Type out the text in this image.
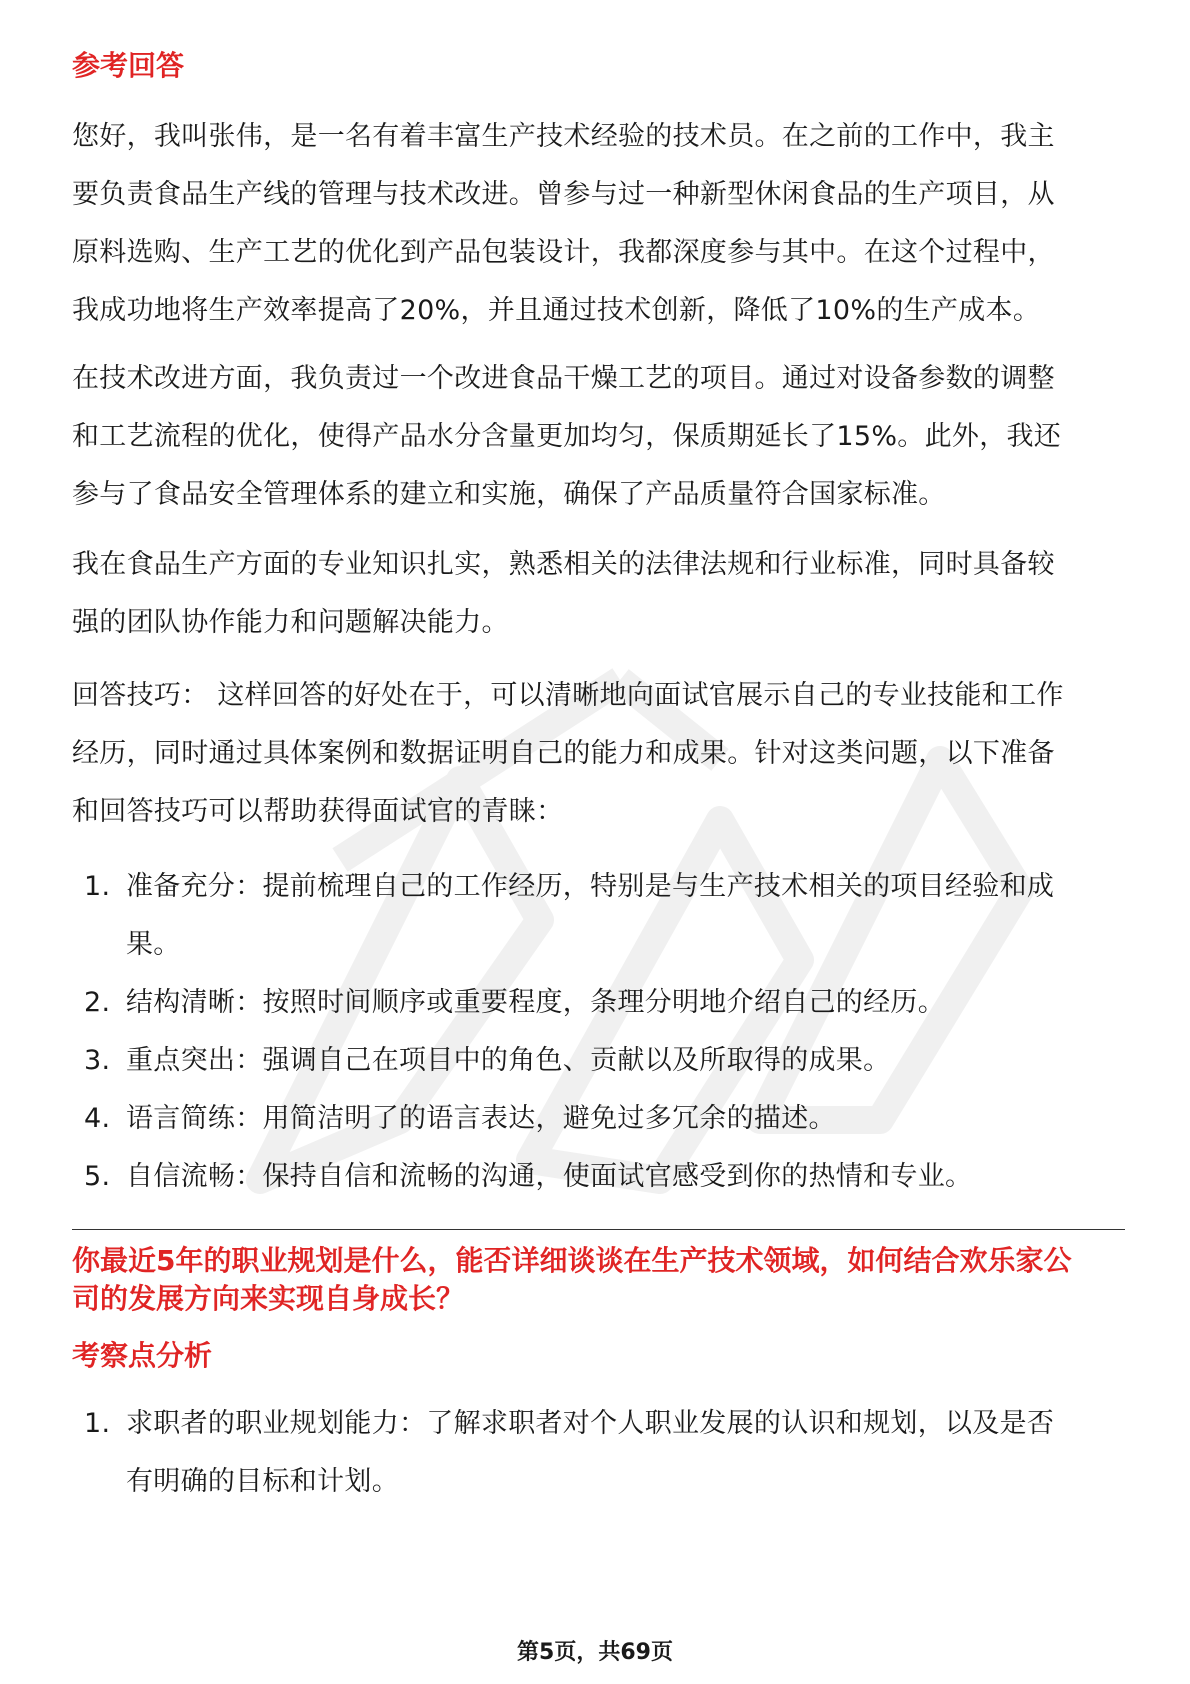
参考回答
您好，我叫张伟，是一名有着丰富生产技术经验的技术员。在之前的工作中，我主
要负责食品生产线的管理与技术改进。曾参与过一种新型休闲食品的生产项目，从
原料选购、生产工艺的优化到产品包装设计，我都深度参与其中。在这个过程中，
我成功地将生产效率提高了20%，并且通过技术创新，降低了10%的生产成本。
在技术改进方面，我负责过一个改进食品干燥工艺的项目。通过对设备参数的调整
和工艺流程的优化，使得产品水分含量更加均匀，保质期延长了15%。此外，我还
参与了食品安全管理体系的建立和实施，确保了产品质量符合国家标准。
我在食品生产方面的专业知识扎实，熟悉相关的法律法规和行业标准，同时具备较
强的团队协作能力和问题解决能力。
回答技巧： 这样回答的好处在于，可以清晰地向面试官展示自己的专业技能和工作
经历，同时通过具体案例和数据证明自己的能力和成果。针对这类问题，以下准备
和回答技巧可以帮助获得面试官的青睐：
1. 准备充分：提前梳理自己的工作经历，特别是与生产技术相关的项目经验和成
果。
2. 结构清晰：按照时间顺序或重要程度，条理分明地介绍自己的经历。
3. 重点突出：强调自己在项目中的角色、贡献以及所取得的成果。
4. 语言简练：用简洁明了的语言表达，避免过多冗余的描述。
5. 自信流畅：保持自信和流畅的沟通，使面试官感受到你的热情和专业。
你最近5年的职业规划是什么，能否详细谈谈在生产技术领域，如何结合欢乐家公
司的发展方向来实现自身成长？
考察点分析
1. 求职者的职业规划能力：了解求职者对个人职业发展的认识和规划，以及是否
有明确的目标和计划。
第5页，共69页
